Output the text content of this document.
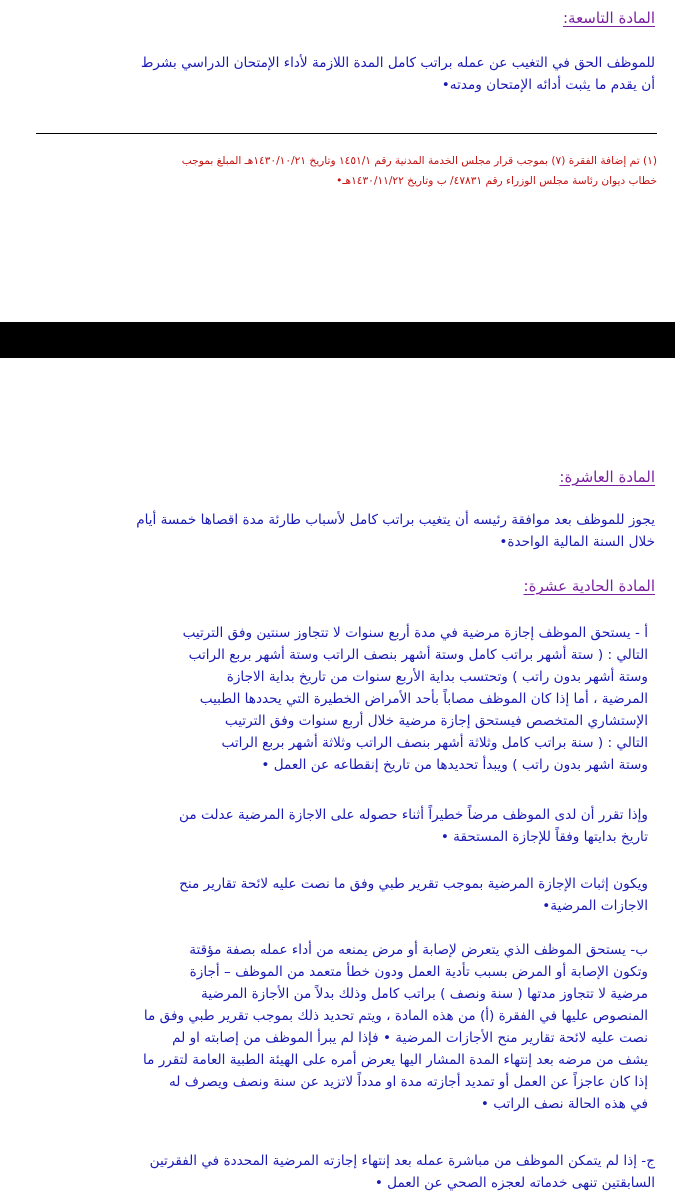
المادة التاسعة:
للموظف الحق في التغيب عن عمله براتب كامل المدة اللازمة لأداء الإمتحان الدراسي بشرط
أن يقدم ما يثبت أدائه الإمتحان ومدته•
(١) تم إضافة الفقرة (٧) بموجب قرار مجلس الخدمة المدنية رقم ١٤٥١/١ وتاريخ ١٤٣٠/١٠/٢١هـ المبلغ بموجب
خطاب ديوان رئاسة مجلس الوزراء رقم ٤٧٨٣١/ ب وتاريخ ١٤٣٠/١١/٢٢هـ•
المادة العاشرة:
يجوز للموظف بعد موافقة رئيسه أن يتغيب براتب كامل لأسباب طارئة مدة اقصاها خمسة أيام
خلال السنة المالية الواحدة•
المادة الحادية عشرة:
أ - يستحق الموظف إجازة مرضية في مدة أربع سنوات لا تتجاوز سنتين وفق الترتيب
التالي : ( ستة أشهر براتب كامل وستة أشهر بنصف الراتب وستة أشهر بربع الراتب
وستة أشهر بدون راتب ) وتحتسب بداية الأربع سنوات من تاريخ بداية الاجازة
المرضية ، أما إذا كان الموظف مصاباً بأحد الأمراض الخطيرة التي يحددها الطبيب
الإستشاري المتخصص فيستحق إجازة مرضية خلال أربع سنوات وفق الترتيب
التالي : ( سنة براتب كامل وثلاثة أشهر بنصف الراتب وثلاثة أشهر بربع الراتب
وستة اشهر بدون راتب ) ويبدأ تحديدها من تاريخ إنقطاعه عن العمل •
وإذا تقرر أن لدى الموظف مرضاً خطيراً أثناء حصوله على الاجازة المرضية عدلت من
تاريخ بدايتها وفقاً للإجازة المستحقة •
ويكون إثبات الإجازة المرضية بموجب تقرير طبي وفق ما نصت عليه لائحة تقارير منح
الاجازات المرضية•
ب- يستحق الموظف الذي يتعرض لإصابة أو مرض يمنعه من أداء عمله بصفة مؤقتة
وتكون الإصابة أو المرض بسبب تأدية العمل ودون خطأ متعمد من الموظف – أجازة
مرضية لا تتجاوز مدتها ( سنة ونصف ) براتب كامل وذلك بدلاً من الأجازة المرضية
المنصوص عليها في الفقرة (أ) من هذه المادة ، ويتم تحديد ذلك بموجب تقرير طبي وفق ما
نصت عليه لائحة تقارير منح الأجازات المرضية • فإذا لم يبرأ الموظف من إصابته او لم
يشف من مرضه بعد إنتهاء المدة المشار اليها يعرض أمره على الهيئة الطبية العامة لتقرر ما
إذا كان عاجزاً عن العمل أو تمديد أجازته مدة او مدداً لاتزيد عن سنة ونصف ويصرف له
في هذه الحالة نصف الراتب •
ج- إذا لم يتمكن الموظف من مباشرة عمله بعد إنتهاء إجازته المرضية المحددة في الفقرتين
السابقتين تنهى خدماته لعجزه الصحي عن العمل •
